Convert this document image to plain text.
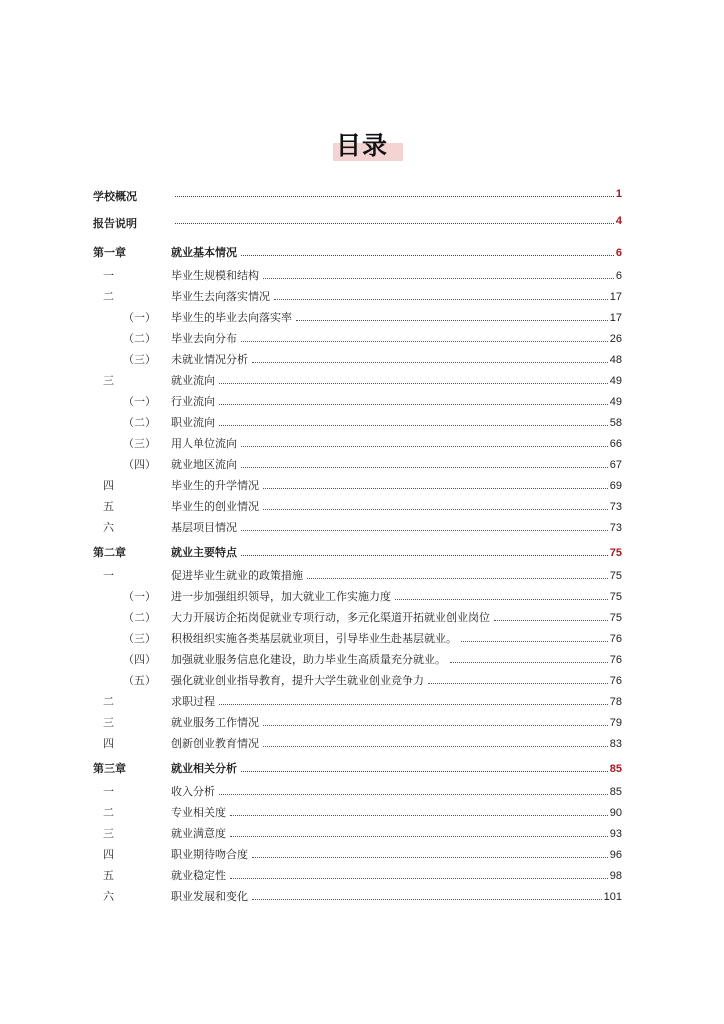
目录
学校概况	1
报告说明	4
第一章	就业基本情况	6
一	毕业生规模和结构	6
二	毕业生去向落实情况	17
（一）	毕业生的毕业去向落实率	17
（二）	毕业去向分布	26
（三）	未就业情况分析	48
三	就业流向	49
（一）	行业流向	49
（二）	职业流向	58
（三）	用人单位流向	66
（四）	就业地区流向	67
四	毕业生的升学情况	69
五	毕业生的创业情况	73
六	基层项目情况	73
第二章	就业主要特点	75
一	促进毕业生就业的政策措施	75
（一）	进一步加强组织领导，加大就业工作实施力度	75
（二）	大力开展访企拓岗促就业专项行动，多元化渠道开拓就业创业岗位	75
（三）	积极组织实施各类基层就业项目，引导毕业生赴基层就业。	76
（四）	加强就业服务信息化建设，助力毕业生高质量充分就业。	76
（五）	强化就业创业指导教育，提升大学生就业创业竞争力	76
二	求职过程	78
三	就业服务工作情况	79
四	创新创业教育情况	83
第三章	就业相关分析	85
一	收入分析	85
二	专业相关度	90
三	就业满意度	93
四	职业期待吻合度	96
五	就业稳定性	98
六	职业发展和变化	101
